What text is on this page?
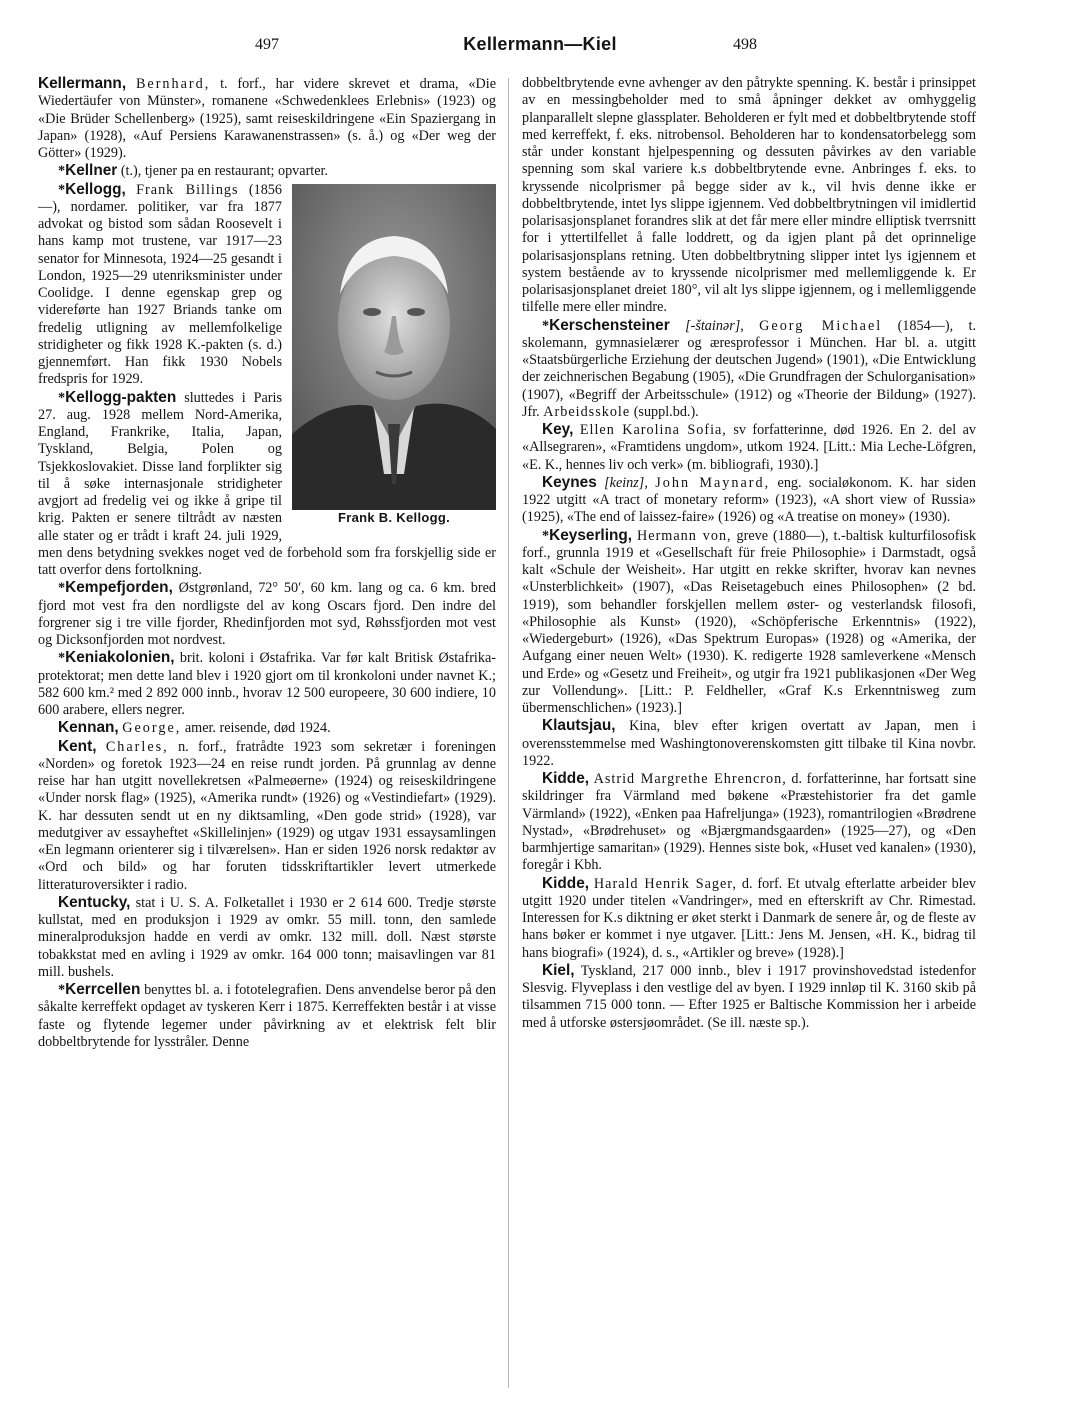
497	Kellermann—Kiel	498

Kellermann, Bernhard, t. forf., har videre skrevet et drama, «Die Wiedertäufer von Münster», romanene «Schwedenklees Erlebnis» (1923) og «Die Brüder Schellenberg» (1925), samt reiseskildringene «Ein Spaziergang in Japan» (1928), «Auf Persiens Karawanenstrassen» (s. å.) og «Der weg der Götter» (1929).

*Kellner (t.), tjener pa en restaurant; opvarter.

*Kellogg, Frank Billings
Frank B. Kellogg.
(1856—), nordamer. politiker, var fra 1877 advokat og bistod som sådan Roosevelt i hans kamp mot trustene, var 1917—23 senator for Minnesota, 1924—25 gesandt i London, 1925—29 utenriksminister under Coolidge. I denne egenskap grep og videreførte han 1927 Briands tanke om fredelig utligning av mellemfolkelige stridigheter og fikk 1928 K.-pakten (s. d.) gjennemført. Han fikk 1930 Nobels fredspris for 1929.

*Kellogg-pakten sluttedes i Paris 27. aug. 1928 mellem Nord-Amerika, England, Frankrike, Italia, Japan, Tyskland, Belgia, Polen og Tsjekkoslovakiet. Disse land forplikter sig til å søke internasjonale stridigheter avgjort ad fredelig vei og ikke å gripe til krig. Pakten er senere tiltrådt av næsten alle stater og er trådt i kraft 24. juli 1929, men dens betydning svekkes noget ved de forbehold som fra forskjellig side er tatt overfor dens fortolkning.

*Kempefjorden, Østgrønland, 72° 50′, 60 km. lang og ca. 6 km. bred fjord mot vest fra den nordligste del av kong Oscars fjord. Den indre del forgrener sig i tre ville fjorder, Rhedinfjorden mot syd, Røhssfjorden mot vest og Dicksonfjorden mot nordvest.

*Keniakolonien, brit. koloni i Østafrika. Var før kalt Britisk Østafrika-protektorat; men dette land blev i 1920 gjort om til kronkoloni under navnet K.; 582 600 km.² med 2 892 000 innb., hvorav 12 500 europeere, 30 600 indiere, 10 600 arabere, ellers negrer.

Kennan, George, amer. reisende, død 1924.

Kent, Charles, n. forf., fratrådte 1923 som sekretær i foreningen «Norden» og foretok 1923—24 en reise rundt jorden. På grunnlag av denne reise har han utgitt novellekretsen «Palmeøerne» (1924) og reiseskildringene «Under norsk flag» (1925), «Amerika rundt» (1926) og «Vestindiefart» (1929). K. har dessuten sendt ut en ny diktsamling, «Den gode strid» (1928), var medutgiver av essayheftet «Skillelinjen» (1929) og utgav 1931 essaysamlingen «En legmann orienterer sig i tilværelsen». Han er siden 1926 norsk redaktør av «Ord och bild» og har foruten tidsskriftartikler levert utmerkede litteraturoversikter i radio.

Kentucky, stat i U. S. A. Folketallet i 1930 er 2 614 600. Tredje største kullstat, med en produksjon i 1929 av omkr. 55 mill. tonn, den samlede mineralproduksjon hadde en verdi av omkr. 132 mill. doll. Næst største tobakkstat med en avling i 1929 av omkr. 164 000 tonn; maisavlingen var 81 mill. bushels.

*Kerrcellen benyttes bl. a. i fototelegrafien. Dens anvendelse beror på den såkalte kerreffekt opdaget av tyskeren Kerr i 1875. Kerreffekten består i at visse faste og flytende legemer under påvirkning av et elektrisk felt blir dobbeltbrytende for lysstråler. Denne

dobbeltbrytende evne avhenger av den påtrykte spenning. K. består i prinsippet av en messingbeholder med to små åpninger dekket av omhyggelig planparallelt slepne glassplater. Beholderen er fylt med et dobbeltbrytende stoff med kerreffekt, f. eks. nitrobensol. Beholderen har to kondensatorbelegg som står under konstant hjelpespenning og dessuten påvirkes av den variable spenning som skal variere k.s dobbeltbrytende evne. Anbringes f. eks. to kryssende nicolprismer på begge sider av k., vil hvis denne ikke er dobbeltbrytende, intet lys slippe igjennem. Ved dobbeltbrytningen vil imidlertid polarisasjonsplanet forandres slik at det får mere eller mindre elliptisk tverrsnitt for i yttertilfellet å falle loddrett, og da igjen plant på det oprinnelige polarisasjonsplans retning. Uten dobbeltbrytning slipper intet lys igjennem et system bestående av to kryssende nicolprismer med mellemliggende k. Er polarisasjonsplanet dreiet 180°, vil alt lys slippe igjennem, og i mellemliggende tilfelle mere eller mindre.

*Kerschensteiner [-štainər], Georg Michael (1854—), t. skolemann, gymnasielærer og æresprofessor i München. Har bl. a. utgitt «Staatsbürgerliche Erziehung der deutschen Jugend» (1901), «Die Entwicklung der zeichnerischen Begabung (1905), «Die Grundfragen der Schulorganisation» (1907), «Begriff der Arbeitsschule» (1912) og «Theorie der Bildung» (1927). Jfr. Arbeidsskole (suppl.bd.).

Key, Ellen Karolina Sofia, sv forfatterinne, død 1926. En 2. del av «Allsegraren», «Framtidens ungdom», utkom 1924. [Litt.: Mia Leche-Löfgren, «E. K., hennes liv och verk» (m. bibliografi, 1930).]

Keynes [keinz], John Maynard, eng. socialøkonom. K. har siden 1922 utgitt «A tract of monetary reform» (1923), «A short view of Russia» (1925), «The end of laissez-faire» (1926) og «A treatise on money» (1930).

*Keyserling, Hermann von, greve (1880—), t.-baltisk kulturfilosofisk forf., grunnla 1919 et «Gesellschaft für freie Philosophie» i Darmstadt, også kalt «Schule der Weisheit». Har utgitt en rekke skrifter, hvorav kan nevnes «Unsterblichkeit» (1907), «Das Reisetagebuch eines Philosophen» (2 bd. 1919), som behandler forskjellen mellem øster- og vesterlandsk filosofi, «Philosophie als Kunst» (1920), «Schöpferische Erkenntnis» (1922), «Wiedergeburt» (1926), «Das Spektrum Europas» (1928) og «Amerika, der Aufgang einer neuen Welt» (1930). K. redigerte 1928 samleverkene «Mensch und Erde» og «Gesetz und Freiheit», og utgir fra 1921 publikasjonen «Der Weg zur Vollendung». [Litt.: P. Feldheller, «Graf K.s Erkenntnisweg zum übermenschlichen» (1923).]

Klautsjau, Kina, blev efter krigen overtatt av Japan, men i overensstemmelse med Washingtonoverenskomsten gitt tilbake til Kina novbr. 1922.

Kidde, Astrid Margrethe Ehrencron, d. forfatterinne, har fortsatt sine skildringer fra Värmland med bøkene «Præstehistorier fra det gamle Värmland» (1922), «Enken paa Hafreljunga» (1923), romantrilogien «Brødrene Nystad», «Brødrehuset» og «Bjærgmandsgaarden» (1925—27), og «Den barmhjertige samaritan» (1929). Hennes siste bok, «Huset ved kanalen» (1930), foregår i Kbh.

Kidde, Harald Henrik Sager, d. forf. Et utvalg efterlatte arbeider blev utgitt 1920 under titelen «Vandringer», med en efterskrift av Chr. Rimestad. Interessen for K.s diktning er øket sterkt i Danmark de senere år, og de fleste av hans bøker er kommet i nye utgaver. [Litt.: Jens M. Jensen, «H. K., bidrag til hans biografi» (1924), d. s., «Artikler og breve» (1928).]

Kiel, Tyskland, 217 000 innb., blev i 1917 provinshovedstad istedenfor Slesvig. Flyveplass i den vestlige del av byen. I 1929 innløp til K. 3160 skib på tilsammen 715 000 tonn. — Efter 1925 er Baltische Kommission her i arbeide med å utforske østersjøområdet. (Se ill. næste sp.).
